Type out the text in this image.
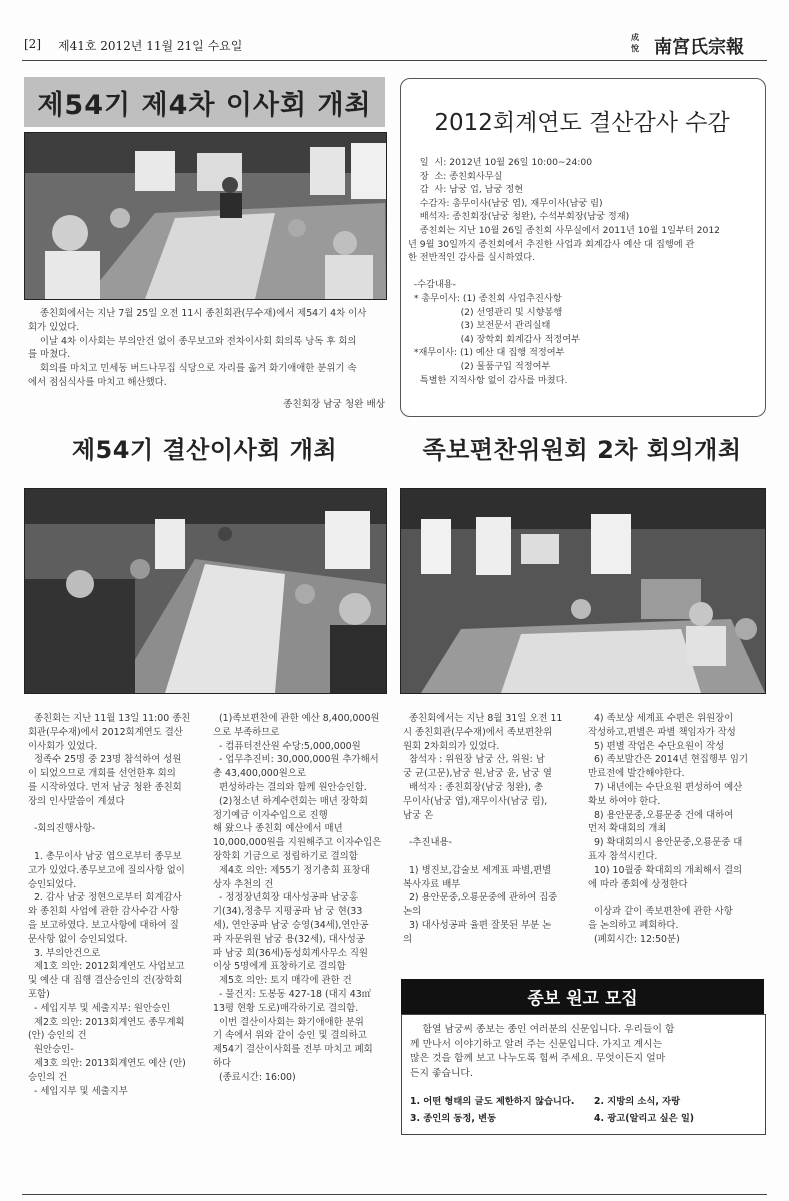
[2] 제41호 2012년 11월 21일 수요일
成
悅 南宮氏宗報
제54기 제4차 이사회 개최
종친회에서는 지난 7월 25일 오전 11시 종친회관(무수재)에서 제54기 4차 이사
회가 있었다.
이날 4차 이사회는 부의안건 없이 종무보고와 전차이사회 회의록 낭독 후 회의
를 마쳤다.
회의를 마치고 민세동 버드나무집 식당으로 자리를 옮겨 화기애애한 분위기 속
에서 점심식사를 마치고 해산했다.
종친회장 남궁 청완 배상
2012회계연도 결산감사 수감
일  시: 2012년 10월 26일 10:00~24:00
장  소: 종친회사무실
감  사: 남궁 업, 남궁 정현
수감자: 총무이사(남궁 엽), 재무이사(남궁 림)
배석자: 종친회장(남궁 청완), 수석부회장(남궁 정재)
종친회는 지난 10월 26일 종친회 사무실에서 2011년 10월 1일부터 2012
년 9월 30일까지 종친회에서 추진한 사업과 회계감사 예산 대 집행에 관
한 전반적인 감사를 실시하였다.

-수감내용-
* 총무이사: (1) 종친회 사업추진사항
(2) 선영관리 및 시향봉행
(3) 보전문서 관리실태
(4) 장학회 회계감사 적정여부
*재무이사: (1) 예산 대 집행 적정여부
(2) 물품구입 적정여부
특별한 지적사항 없이 감사를 마쳤다.
제54기 결산이사회 개최
종친회는 지난 11월 13일 11:00 종친
회관(무수재)에서 2012회계연도 결산
이사회가 있었다.
정족수 25명 중 23명 참석하여 성원
이 되었으므로 개회를 선언한후 회의
를 시작하였다. 먼저 남궁 청완 종친회
장의 인사말씀이 계셨다

-회의진행사항-

1. 총무이사 남궁 엽으로부터 종무보
고가 있었다.종무보고에 질의사항 없이
승인되었다.
2. 감사 남궁 정현으로부터 회계감사
와 종친회 사업에 관한 감사수감 사항
을 보고하였다. 보고사항에 대하여 질
문사항 없이 승인되었다.
3. 부의안건으로
제1호 의안: 2012회계연도 사업보고
및 예산 대 집행 결산승인의 건(장학회
포함)
- 세입지부 및 세출지부: 원안승인
제2호 의안: 2013회계연도 종무계획
(안) 승인의 건
원안승인-
제3호 의안: 2013회계연도 예산 (안)
승인의 건
- 세입지부 및 세출지부
(1)족보편찬에 관한 예산 8,400,000원
으로 부족하므로
- 컴퓨터전산원 수당:5,000,000원
- 업무추진비: 30,000,000원 추가해서
총 43,400,000원으로
편성하라는 결의와 함께 원안승인함.
(2)청소년 하계수련회는 매년 장학회
정기예금 이자수입으로 진행
해 왔으나 종친회 예산에서 매년
10,000,000원을 지원해주고 이자수입은
장학회 기금으로 정립하기로 결의함
제4호 의안: 제55기 정기총회 표창대
상자 추천의 건
- 정정장년회장 대사성공파 남궁홍
기(34),정충무 지평공파 남 궁 현(33
세), 연안공파 남궁 승영(34세),연안공
파 자문위원 남궁 용(32세), 대사성공
파 남궁 희(36세)동성회계사무소 직원
이상 5명에게 표창하기로 결의함
제5호 의안: 토지 매각에 관한 건
- 물건지: 도봉동 427-18 (대지 43㎡
13평 현황 도로)매각하기로 결의함.
이번 결산이사회는 화기애애한 분위
기 속에서 위와 같이 승인 및 결의하고
제54기 결산이사회를 전부 마치고 폐회
하다
(종료시간: 16:00)
족보편찬위원회 2차 회의개최
종친회에서는 지난 8월 31일 오전 11
시 종친회관(무수재)에서 족보편찬위
원회 2차회의가 있었다.
참석자 : 위원장 남궁 산, 위원: 남
궁 균(고문),남궁 원,남궁 윤, 남궁 열
배석자 : 종친회장(남궁 청완), 총
무이사(남궁 엽),재무이사(남궁 림),
남궁 온

-추진내용-

1) 병진보,갑술보 세계표 파별,편별
복사자료 배부
2) 용안문중,오룡문중에 관하여 집중
논의
3) 대사성공파 율편 잘못된 부분 논
의
4) 족보상 세계표 수편은 위원장이
작성하고,편별은 파별 책임자가 작성
5) 편별 작업은 수단요원이 작성
6) 족보발간은 2014년 현집행부 임기
만료전에 발간해야한다.
7) 내년에는 수단요원 편성하여 예산
확보 하여야 한다.
8) 용안문중,오룡문중 건에 대하여
먼저 확대회의 개최
9) 확대회의시 용안문중,오룡문중 대
표자 참석시킨다.
10) 10월중 확대회의 개최해서 결의
에 따라 종회에 상정한다

이상과 같이 족보편찬에 관한 사항
을 논의하고 폐회하다.
(폐회시간: 12:50분)
종보 원고 모집
함열 남궁씨 종보는 종인 여러분의 신문입니다. 우리들이 함
께 만나서 이야기하고 알려 주는 신문입니다. 가지고 계시는
많은 것을 함께 보고 나누도록 힘써 주세요. 무엇이든지 얼마
든지 좋습니다.
1. 어떤 형태의 글도 제한하지 않습니다. 2. 지방의 소식, 자랑
3. 종인의 동정, 변동	4. 광고(알리고 싶은 일)
